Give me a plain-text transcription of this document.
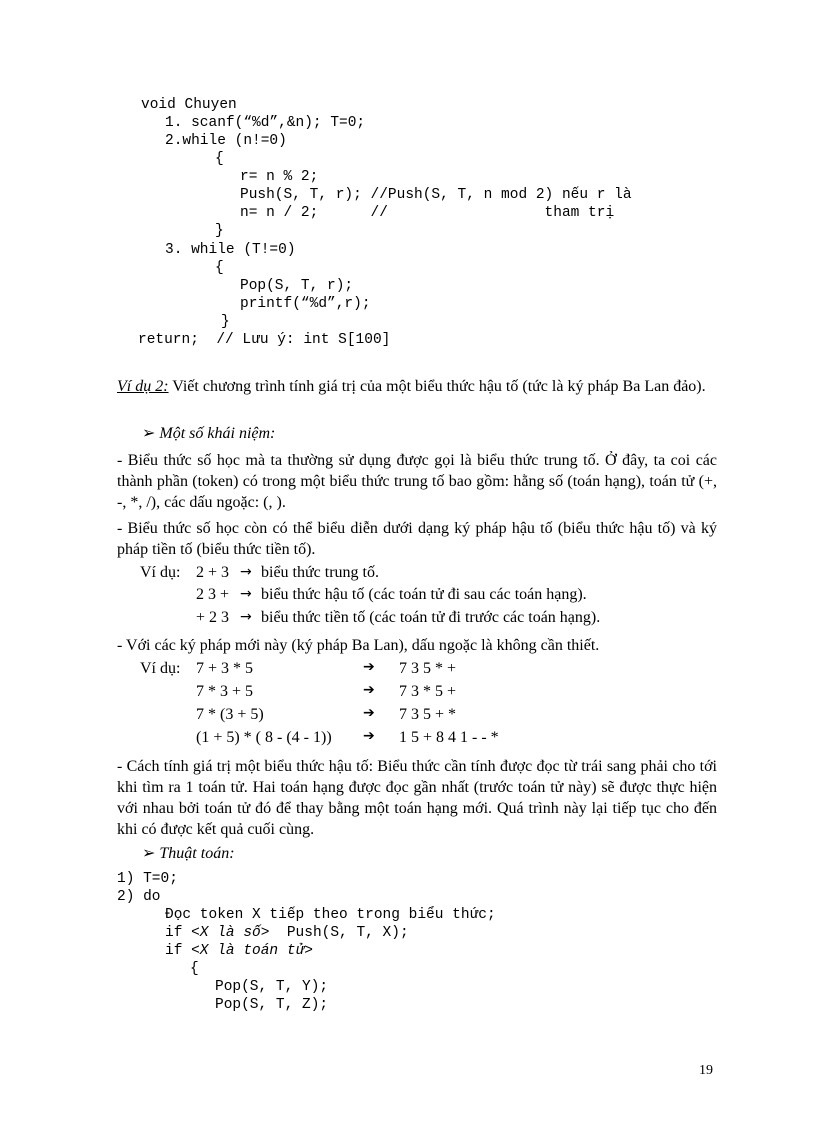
void Chuyen
1. scanf(“%d”,&n); T=0;
2.while (n!=0)
{
r= n % 2;
Push(S, T, r); //Push(S, T, n mod 2) nếu r là
n= n / 2;      //                  tham trị
}
3. while (T!=0)
{
Pop(S, T, r);
printf(“%d”,r);
}
return;  // Lưu ý: int S[100]
Ví dụ 2: Viết chương trình tính giá trị của một biểu thức hậu tố (tức là ký pháp Ba Lan đảo).
➢ Một số khái niệm:
- Biểu thức số học mà ta thường sử dụng được gọi là biểu thức trung tố. Ở đây, ta coi các thành phần (token) có trong một biểu thức trung tố bao gồm: hằng số (toán hạng), toán tử (+, -, *, /), các dấu ngoặc: (, ).
- Biểu thức số học còn có thể biểu diễn dưới dạng ký pháp hậu tố (biểu thức hậu tố) và ký pháp tiền tố (biểu thức tiền tố).
Ví dụ: 2 + 3 → biểu thức trung tố.
2 3 + → biểu thức hậu tố (các toán tử đi sau các toán hạng).
+ 2 3 → biểu thức tiền tố (các toán tử đi trước các toán hạng).
- Với các ký pháp mới này (ký pháp Ba Lan), dấu ngoặc là không cần thiết.
Ví dụ: 7 + 3 * 5	➔ 7 3 5 * +
7 * 3 + 5	➔ 7 3 * 5 +
7 * (3 + 5)	➔ 7 3 5 + *
(1 + 5) * ( 8 - (4 - 1)) ➔ 1 5 + 8 4 1 - - *
- Cách tính giá trị một biểu thức hậu tố: Biểu thức cần tính được đọc từ trái sang phải cho tới khi tìm ra 1 toán tử. Hai toán hạng được đọc gần nhất (trước toán tử này) sẽ được thực hiện với nhau bởi toán tử đó để thay bằng một toán hạng mới. Quá trình này lại tiếp tục cho đến khi có được kết quả cuối cùng.
➢ Thuật toán:
1) T=0;
2) do
Đọc token X tiếp theo trong biểu thức;
if <X là số>  Push(S, T, X);
if <X là toán tử>
{
Pop(S, T, Y);
Pop(S, T, Z);
19
